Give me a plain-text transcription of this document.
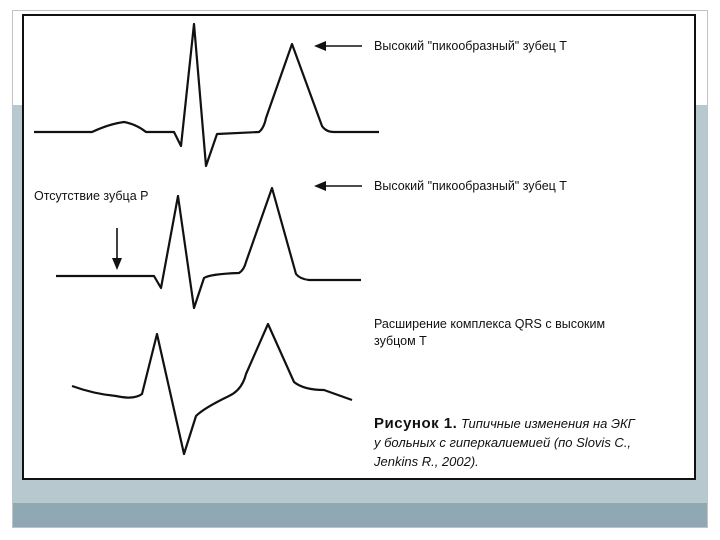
Высокий "пикообразный" зубец Т
Высокий "пикообразный" зубец Т
Отсутствие зубца Р
Расширение комплекса QRS с высоким
зубцом Т
Рисунок 1. Типичные изменения на ЭКГ
у больных с гиперкалиемией (по Slovis С.,
Jenkins R., 2002).
